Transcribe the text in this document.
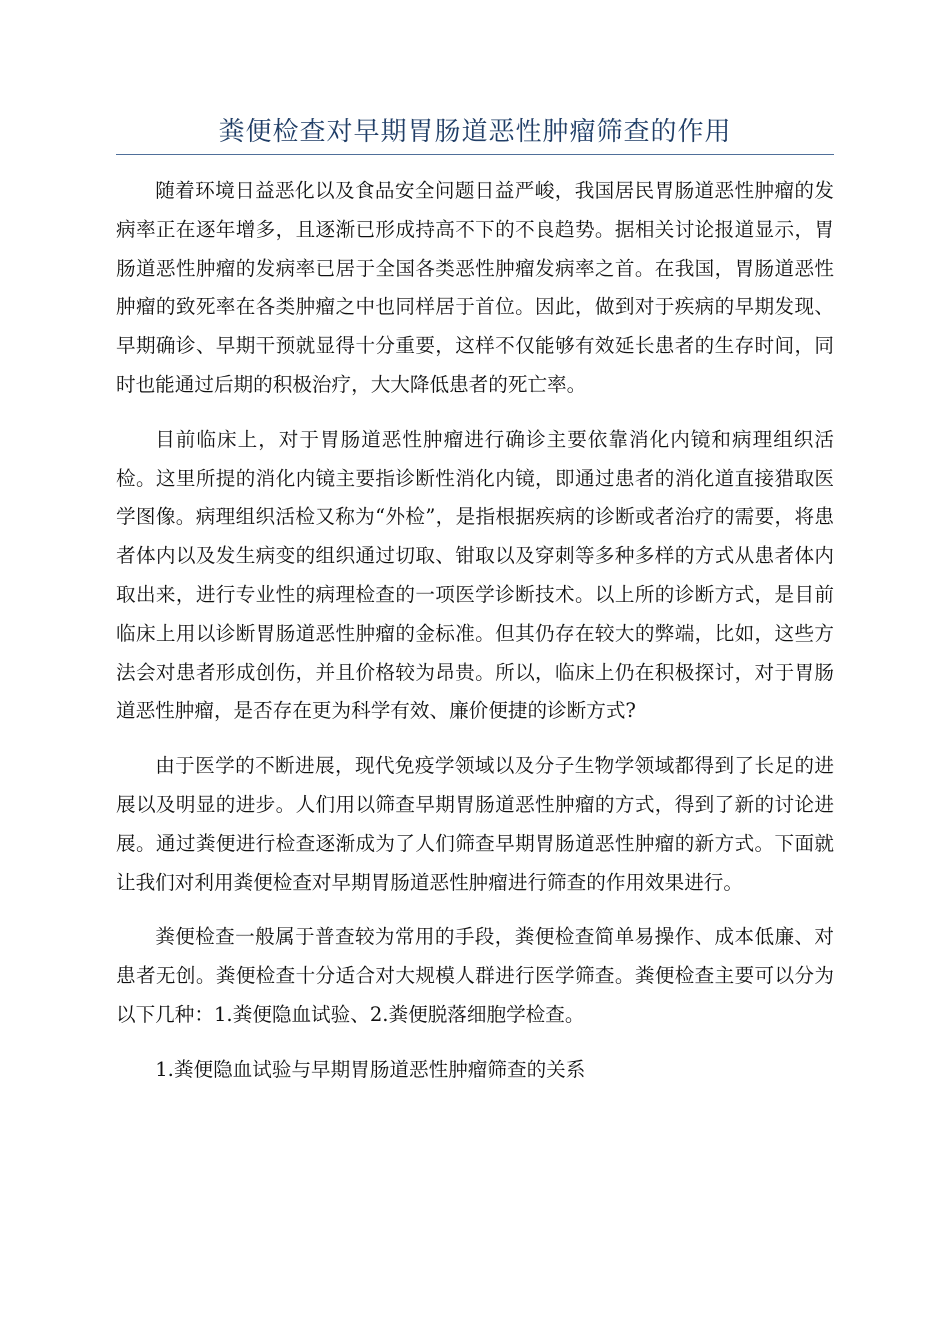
粪便检查对早期胃肠道恶性肿瘤筛查的作用

随着环境日益恶化以及食品安全问题日益严峻，我国居民胃肠道恶性肿瘤的发病率正在逐年增多，且逐渐已形成持高不下的不良趋势。据相关讨论报道显示，胃肠道恶性肿瘤的发病率已居于全国各类恶性肿瘤发病率之首。在我国，胃肠道恶性肿瘤的致死率在各类肿瘤之中也同样居于首位。因此，做到对于疾病的早期发现、早期确诊、早期干预就显得十分重要，这样不仅能够有效延长患者的生存时间，同时也能通过后期的积极治疗，大大降低患者的死亡率。

目前临床上，对于胃肠道恶性肿瘤进行确诊主要依靠消化内镜和病理组织活检。这里所提的消化内镜主要指诊断性消化内镜，即通过患者的消化道直接猎取医学图像。病理组织活检又称为“外检”，是指根据疾病的诊断或者治疗的需要，将患者体内以及发生病变的组织通过切取、钳取以及穿刺等多种多样的方式从患者体内取出来，进行专业性的病理检查的一项医学诊断技术。以上所的诊断方式，是目前临床上用以诊断胃肠道恶性肿瘤的金标准。但其仍存在较大的弊端，比如，这些方法会对患者形成创伤，并且价格较为昂贵。所以，临床上仍在积极探讨，对于胃肠道恶性肿瘤，是否存在更为科学有效、廉价便捷的诊断方式?

由于医学的不断进展，现代免疫学领域以及分子生物学领域都得到了长足的进展以及明显的进步。人们用以筛查早期胃肠道恶性肿瘤的方式，得到了新的讨论进展。通过粪便进行检查逐渐成为了人们筛查早期胃肠道恶性肿瘤的新方式。下面就让我们对利用粪便检查对早期胃肠道恶性肿瘤进行筛查的作用效果进行。

粪便检查一般属于普查较为常用的手段，粪便检查简单易操作、成本低廉、对患者无创。粪便检查十分适合对大规模人群进行医学筛查。粪便检查主要可以分为以下几种：1.粪便隐血试验、2.粪便脱落细胞学检查。

1.粪便隐血试验与早期胃肠道恶性肿瘤筛查的关系
